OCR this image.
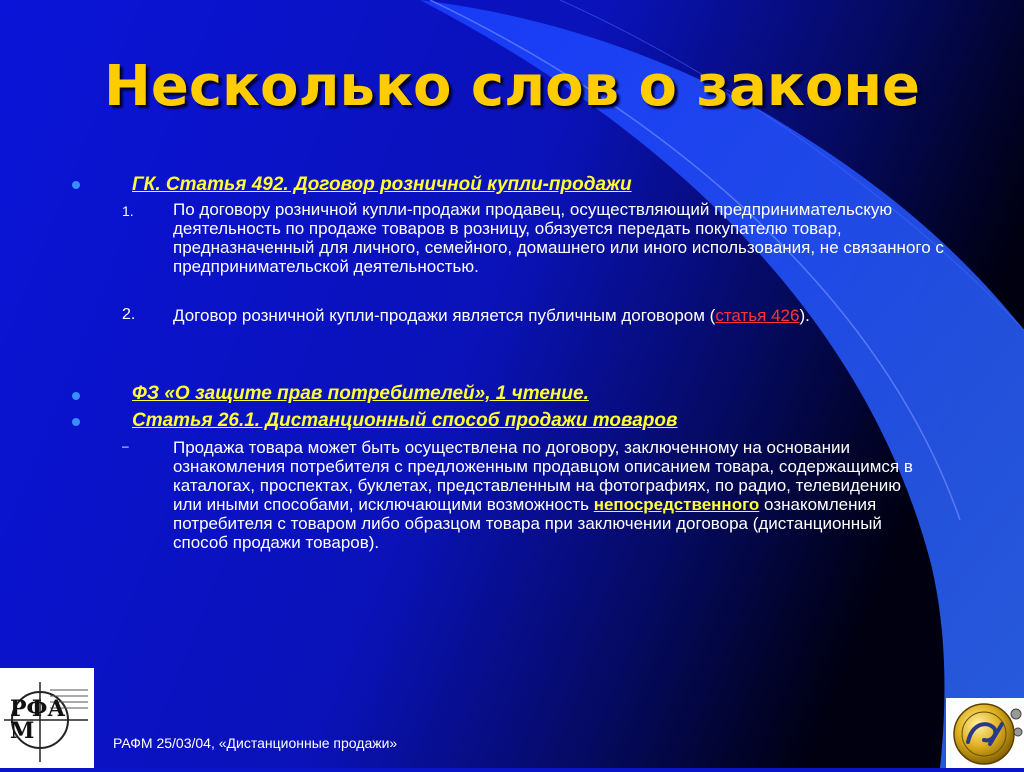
Несколько слов о законе
ГК. Статья 492. Договор розничной купли-продажи
1. По договору розничной купли-продажи продавец, осуществляющий предпринимательскую деятельность по продаже товаров в розницу, обязуется передать покупателю товар, предназначенный для личного, семейного, домашнего или иного использования, не связанного с предпринимательской деятельностью.
2. Договор розничной купли-продажи является публичным договором (статья 426).
ФЗ «О защите прав потребителей», 1 чтение.
Статья 26.1. Дистанционный способ продажи товаров
–	Продажа товара может быть осуществлена по договору, заключенному на основании ознакомления потребителя с предложенным продавцом описанием товара, содержащимся в каталогах, проспектах, буклетах, представленным на фотографиях, по радио, телевидению или иными способами, исключающими возможность непосредственного ознакомления потребителя с товаром либо образцом товара при заключении договора (дистанционный способ продажи товаров).
РАФМ 25/03/04, «Дистанционные продажи»
РФАМ
